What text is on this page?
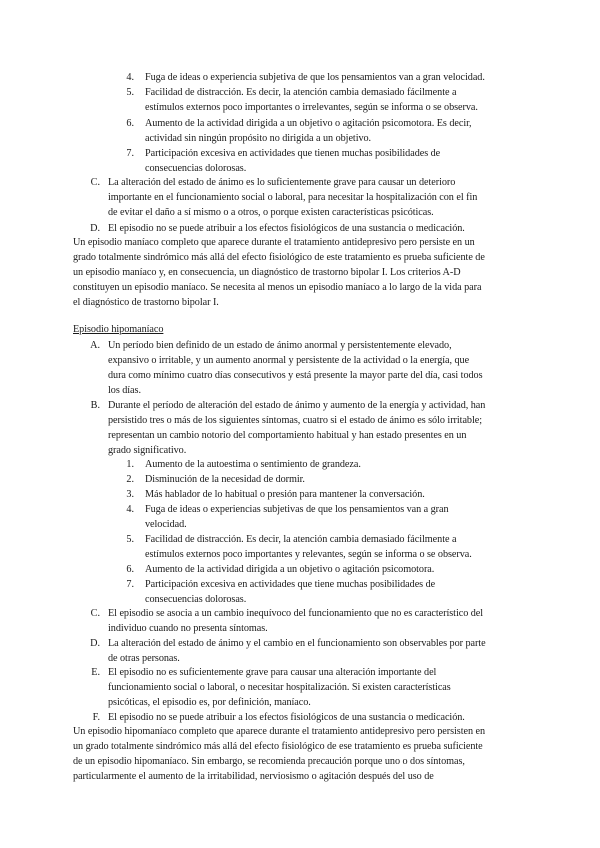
4. Fuga de ideas o experiencia subjetiva de que los pensamientos van a gran velocidad.
5. Facilidad de distracción. Es decir, la atención cambia demasiado fácilmente a
estímulos externos poco importantes o irrelevantes, según se informa o se observa.
6. Aumento de la actividad dirigida a un objetivo o agitación psicomotora. Es decir,
actividad sin ningún propósito no dirigida a un objetivo.
7. Participación excesiva en actividades que tienen muchas posibilidades de
consecuencias dolorosas.
C. La alteración del estado de ánimo es lo suficientemente grave para causar un deterioro
importante en el funcionamiento social o laboral, para necesitar la hospitalización con el fin
de evitar el daño a sí mismo o a otros, o porque existen características psicóticas.
D. El episodio no se puede atribuir a los efectos fisiológicos de una sustancia o medicación.
Un episodio maníaco completo que aparece durante el tratamiento antidepresivo pero persiste en un
grado totalmente sindrómico más allá del efecto fisiológico de este tratamiento es prueba suficiente de
un episodio maníaco y, en consecuencia, un diagnóstico de trastorno bipolar I. Los criterios A-D
constituyen un episodio maníaco. Se necesita al menos un episodio maníaco a lo largo de la vida para
el diagnóstico de trastorno bipolar I.
Episodio hipomaníaco
A. Un período bien definido de un estado de ánimo anormal y persistentemente elevado,
expansivo o irritable, y un aumento anormal y persistente de la actividad o la energía, que
dura como mínimo cuatro días consecutivos y está presente la mayor parte del día, casi todos
los días.
B. Durante el período de alteración del estado de ánimo y aumento de la energía y actividad, han
persistido tres o más de los siguientes síntomas, cuatro si el estado de ánimo es sólo irritable;
representan un cambio notorio del comportamiento habitual y han estado presentes en un
grado significativo.
1. Aumento de la autoestima o sentimiento de grandeza.
2. Disminución de la necesidad de dormir.
3. Más hablador de lo habitual o presión para mantener la conversación.
4. Fuga de ideas o experiencias subjetivas de que los pensamientos van a gran
velocidad.
5. Facilidad de distracción. Es decir, la atención cambia demasiado fácilmente a
estímulos externos poco importantes y relevantes, según se informa o se observa.
6. Aumento de la actividad dirigida a un objetivo o agitación psicomotora.
7. Participación excesiva en actividades que tiene muchas posibilidades de
consecuencias dolorosas.
C. El episodio se asocia a un cambio inequívoco del funcionamiento que no es característico del
individuo cuando no presenta síntomas.
D. La alteración del estado de ánimo y el cambio en el funcionamiento son observables por parte
de otras personas.
E. El episodio no es suficientemente grave para causar una alteración importante del
funcionamiento social o laboral, o necesitar hospitalización. Si existen características
psicóticas, el episodio es, por definición, maníaco.
F. El episodio no se puede atribuir a los efectos fisiológicos de una sustancia o medicación.
Un episodio hipomaníaco completo que aparece durante el tratamiento antidepresivo pero persisten en
un grado totalmente sindrómico más allá del efecto fisiológico de ese tratamiento es prueba suficiente
de un episodio hipomaníaco. Sin embargo, se recomienda precaución porque uno o dos síntomas,
particularmente el aumento de la irritabilidad, nerviosismo o agitación después del uso de
